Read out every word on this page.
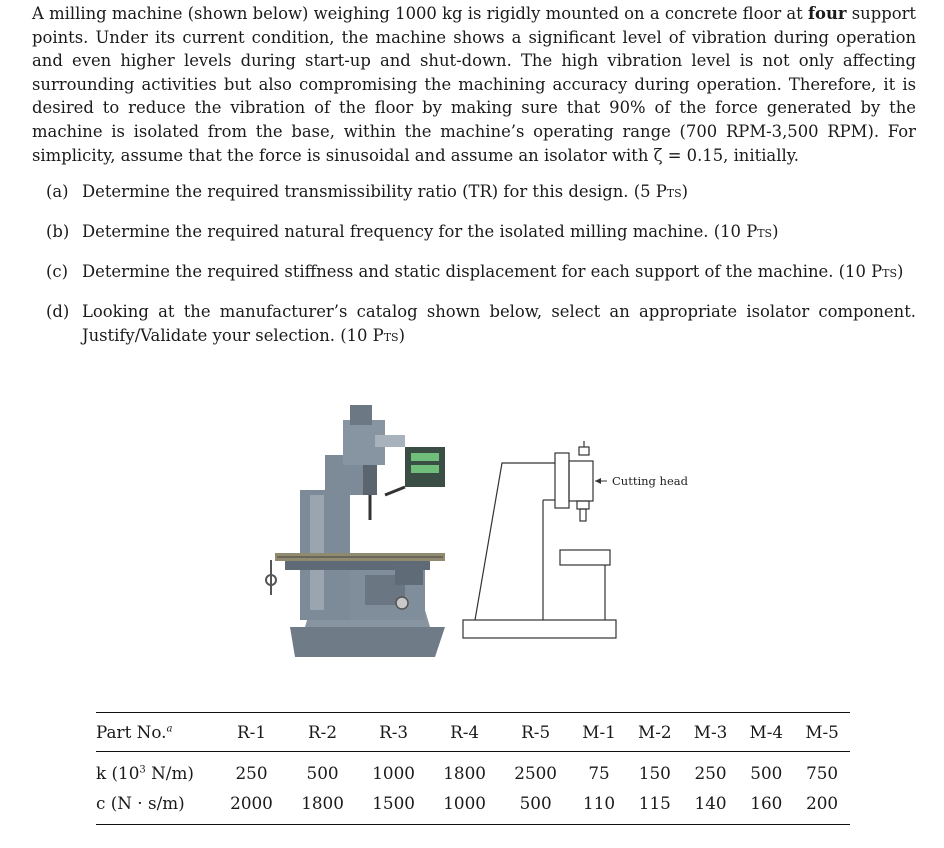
A milling machine (shown below) weighing 1000 kg is rigidly mounted on a concrete floor at four support points. Under its current condition, the machine shows a significant level of vibration during operation and even higher levels during start-up and shut-down. The high vibration level is not only affecting surrounding activities but also compromising the machining accuracy during operation. Therefore, it is desired to reduce the vibration of the floor by making sure that 90% of the force generated by the machine is isolated from the base, within the machine’s operating range (700 RPM-3,500 RPM). For simplicity, assume that the force is sinusoidal and assume an isolator with ζ = 0.15, initially.

(a) Determine the required transmissibility ratio (TR) for this design. (5 Pts)
(b) Determine the required natural frequency for the isolated milling machine. (10 Pts)
(c) Determine the required stiffness and static displacement for each support of the machine. (10 Pts)
(d) Looking at the manufacturer’s catalog shown below, select an appropriate isolator component. Justify/Validate your selection. (10 Pts)
Cutting head
Part No.$^a$	R-1	R-2	R-3	R-4	R-5	M-1	M-2	M-3	M-4	M-5
k ($10^3$ N/m)	250	500	1000	1800	2500	75	150	250	500	750
c (N · s/m)	2000	1800	1500	1000	500	110	115	140	160	200
